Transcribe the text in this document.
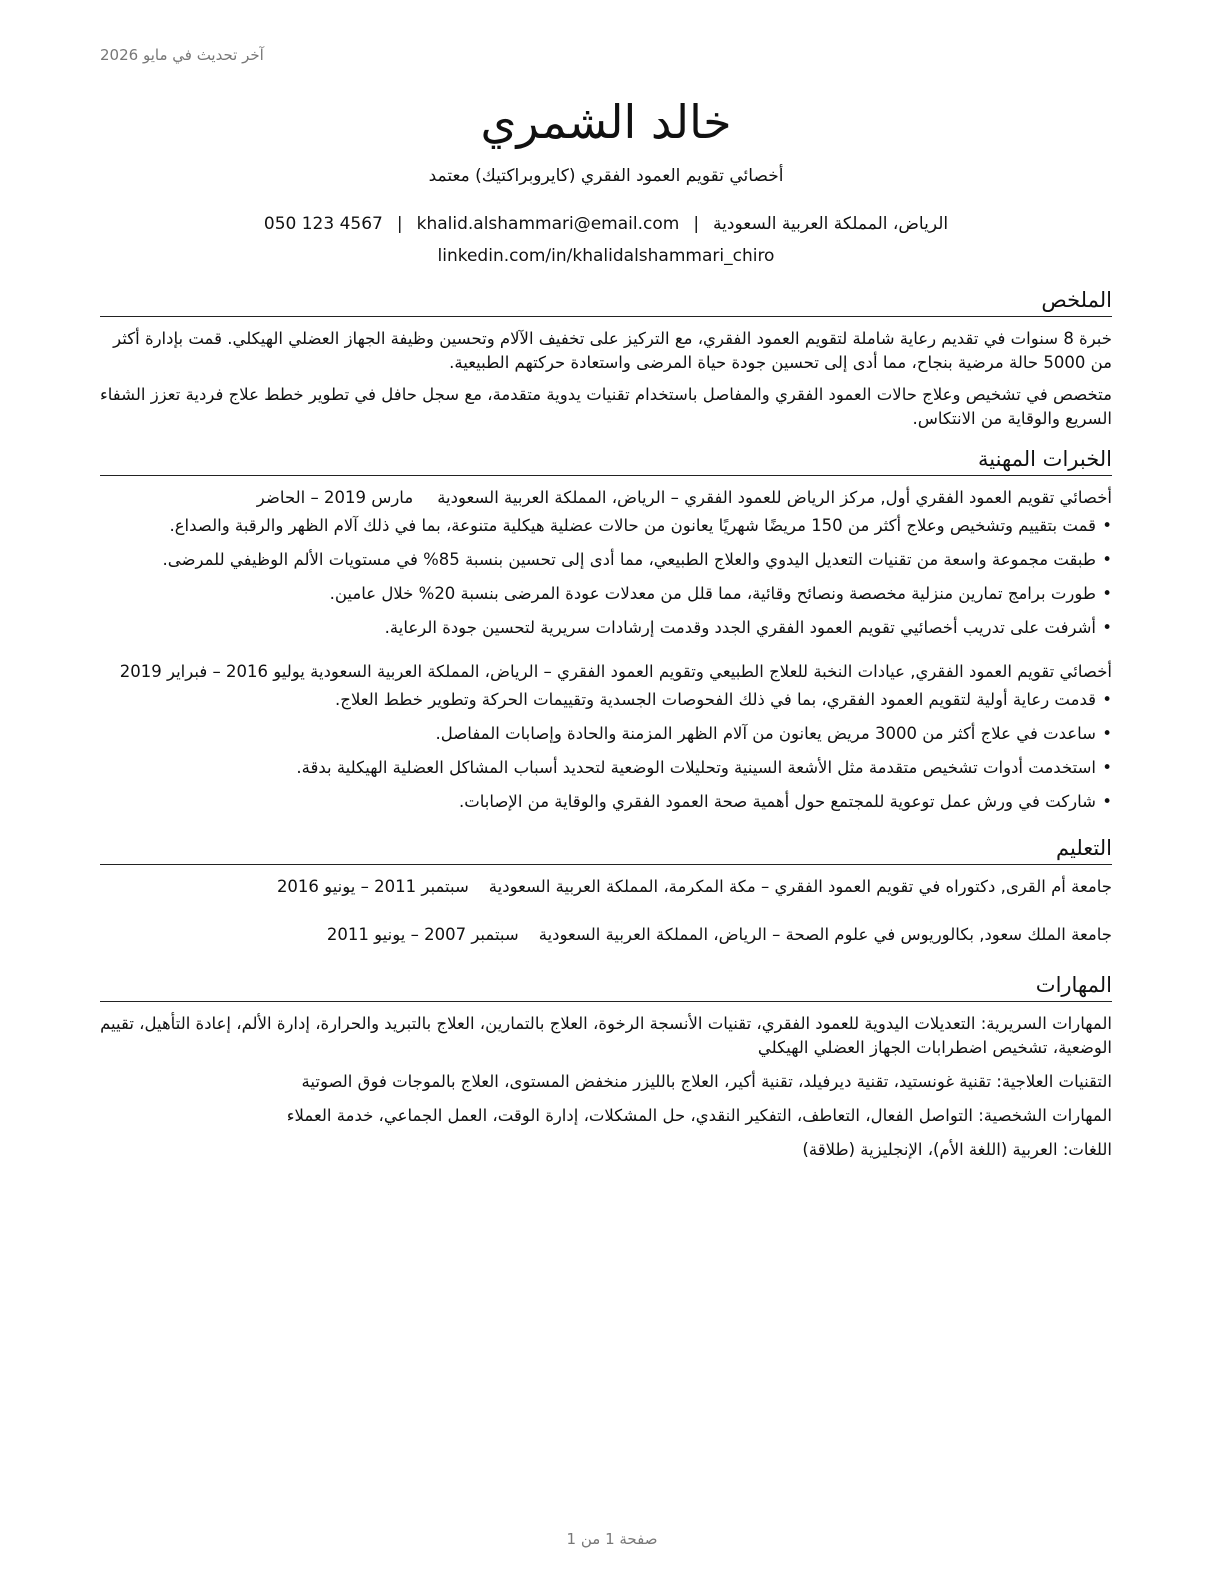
آخر تحديث في مايو 2026
خالد الشمري
أخصائي تقويم العمود الفقري (كايروبراكتيك) معتمد
الرياض، المملكة العربية السعودية|khalid.alshammari@email.com|050 123 4567
linkedin.com/in/khalidalshammari_chiro
الملخص

خبرة 8 سنوات في تقديم رعاية شاملة لتقويم العمود الفقري، مع التركيز على تخفيف الآلام وتحسين وظيفة الجهاز العضلي الهيكلي. قمت بإدارة أكثر من 5000 حالة مرضية بنجاح، مما أدى إلى تحسين جودة حياة المرضى واستعادة حركتهم الطبيعية.

متخصص في تشخيص وعلاج حالات العمود الفقري والمفاصل باستخدام تقنيات يدوية متقدمة، مع سجل حافل في تطوير خطط علاج فردية تعزز الشفاء السريع والوقاية من الانتكاس.

الخبرات المهنية
أخصائي تقويم العمود الفقري أول, مركز الرياض للعمود الفقري – الرياض، المملكة العربية السعوديةمارس 2019 – الحاضر
•
قمت بتقييم وتشخيص وعلاج أكثر من 150 مريضًا شهريًا يعانون من حالات عضلية هيكلية متنوعة، بما في ذلك آلام الظهر والرقبة والصداع.
•
طبقت مجموعة واسعة من تقنيات التعديل اليدوي والعلاج الطبيعي، مما أدى إلى تحسين بنسبة 85% في مستويات الألم الوظيفي للمرضى.
•
طورت برامج تمارين منزلية مخصصة ونصائح وقائية، مما قلل من معدلات عودة المرضى بنسبة 20% خلال عامين.
•
أشرفت على تدريب أخصائيي تقويم العمود الفقري الجدد وقدمت إرشادات سريرية لتحسين جودة الرعاية.
أخصائي تقويم العمود الفقري, عيادات النخبة للعلاج الطبيعي وتقويم العمود الفقري – الرياض، المملكة العربية السعودية يوليو 2016 – فبراير 2019
•
قدمت رعاية أولية لتقويم العمود الفقري، بما في ذلك الفحوصات الجسدية وتقييمات الحركة وتطوير خطط العلاج.
•
ساعدت في علاج أكثر من 3000 مريض يعانون من آلام الظهر المزمنة والحادة وإصابات المفاصل.
•
استخدمت أدوات تشخيص متقدمة مثل الأشعة السينية وتحليلات الوضعية لتحديد أسباب المشاكل العضلية الهيكلية بدقة.
•
شاركت في ورش عمل توعوية للمجتمع حول أهمية صحة العمود الفقري والوقاية من الإصابات.
التعليم
جامعة أم القرى, دكتوراه في تقويم العمود الفقري – مكة المكرمة، المملكة العربية السعوديةسبتمبر 2011 – يونيو 2016
جامعة الملك سعود, بكالوريوس في علوم الصحة – الرياض، المملكة العربية السعوديةسبتمبر 2007 – يونيو 2011
المهارات
المهارات السريرية: التعديلات اليدوية للعمود الفقري، تقنيات الأنسجة الرخوة، العلاج بالتمارين، العلاج بالتبريد والحرارة، إدارة الألم، إعادة التأهيل، تقييم الوضعية، تشخيص اضطرابات الجهاز العضلي الهيكلي
التقنيات العلاجية: تقنية غونستيد، تقنية ديرفيلد، تقنية أكير، العلاج بالليزر منخفض المستوى، العلاج بالموجات فوق الصوتية
المهارات الشخصية: التواصل الفعال، التعاطف، التفكير النقدي، حل المشكلات، إدارة الوقت، العمل الجماعي، خدمة العملاء
اللغات: العربية (اللغة الأم)، الإنجليزية (طلاقة)
صفحة 1 من 1
